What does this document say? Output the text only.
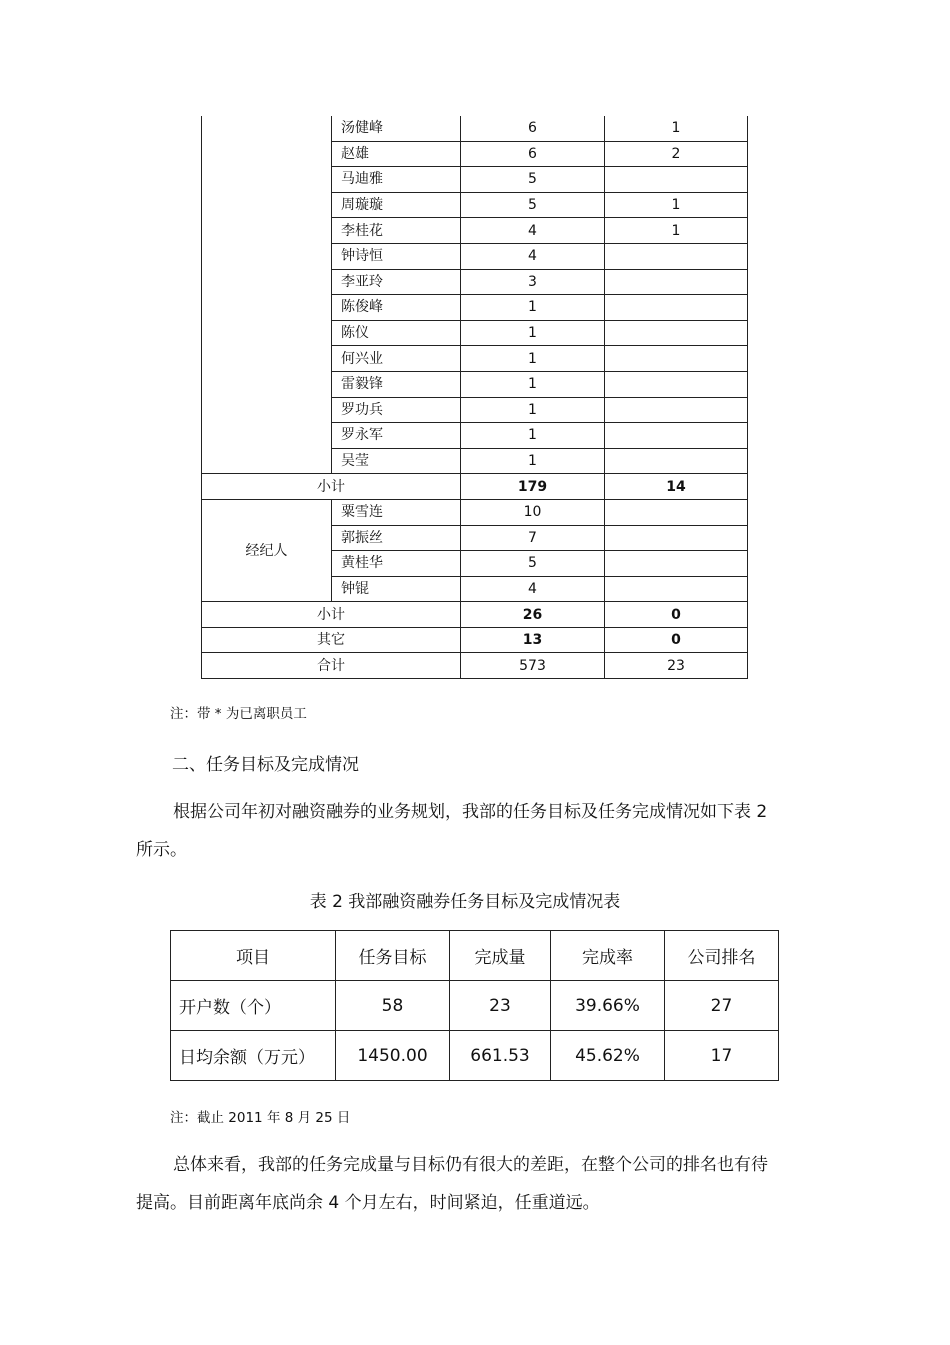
	汤健峰	6	1
	赵雄	6	2
	马迪雅	5	
	周璇璇	5	1
	李桂花	4	1
	钟诗恒	4	
	李亚玲	3	
	陈俊峰	1	
	陈仪	1	
	何兴业	1	
	雷毅锋	1	
	罗功兵	1	
	罗永军	1	
	吴莹	1	
小计		179	14
经纪人	粟雪连	10	
	郭振丝	7	
	黄桂华	5	
	钟锟	4	
小计		26	0
其它		13	0
合计		573	23
注：带 * 为已离职员工
二、任务目标及完成情况
根据公司年初对融资融券的业务规划，我部的任务目标及任务完成情况如下表 2 所示。
表 2 我部融资融券任务目标及完成情况表
项目	任务目标	完成量	完成率	公司排名
开户数（个）	58	23	39.66%	27
日均余额（万元）	1450.00	661.53	45.62%	17
注：截止 2011 年 8 月 25 日
总体来看，我部的任务完成量与目标仍有很大的差距，在整个公司的排名也有待提高。目前距离年底尚余 4 个月左右，时间紧迫，任重道远。
